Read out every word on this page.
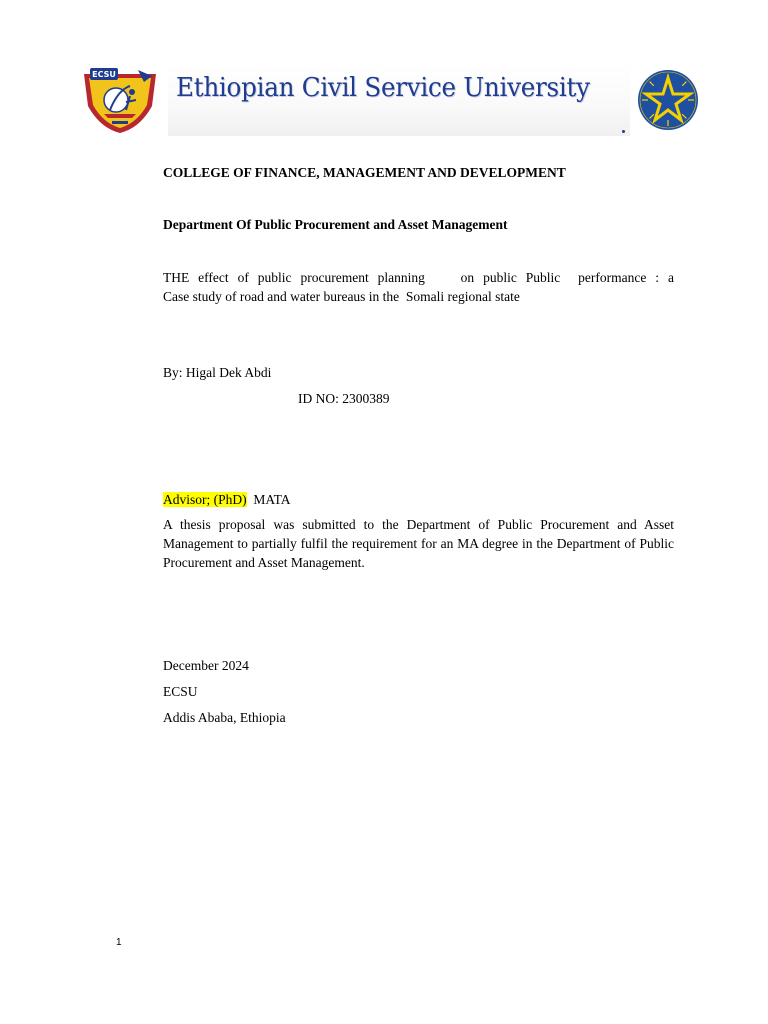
ECSU Ethiopian Civil Service University
COLLEGE OF FINANCE, MANAGEMENT AND DEVELOPMENT
Department Of Public Procurement and Asset Management
THE effect of public procurement planning    on public Public  performance : a
Case study of road and water bureaus in the  Somali regional state
By: Higal Dek Abdi
ID NO: 2300389
Advisor; (PhD) MATA
A thesis proposal was submitted to the Department of Public Procurement and Asset Management to partially fulfil the requirement for an MA degree in the Department of Public Procurement and Asset Management.
December 2024
ECSU
Addis Ababa, Ethiopia
1
